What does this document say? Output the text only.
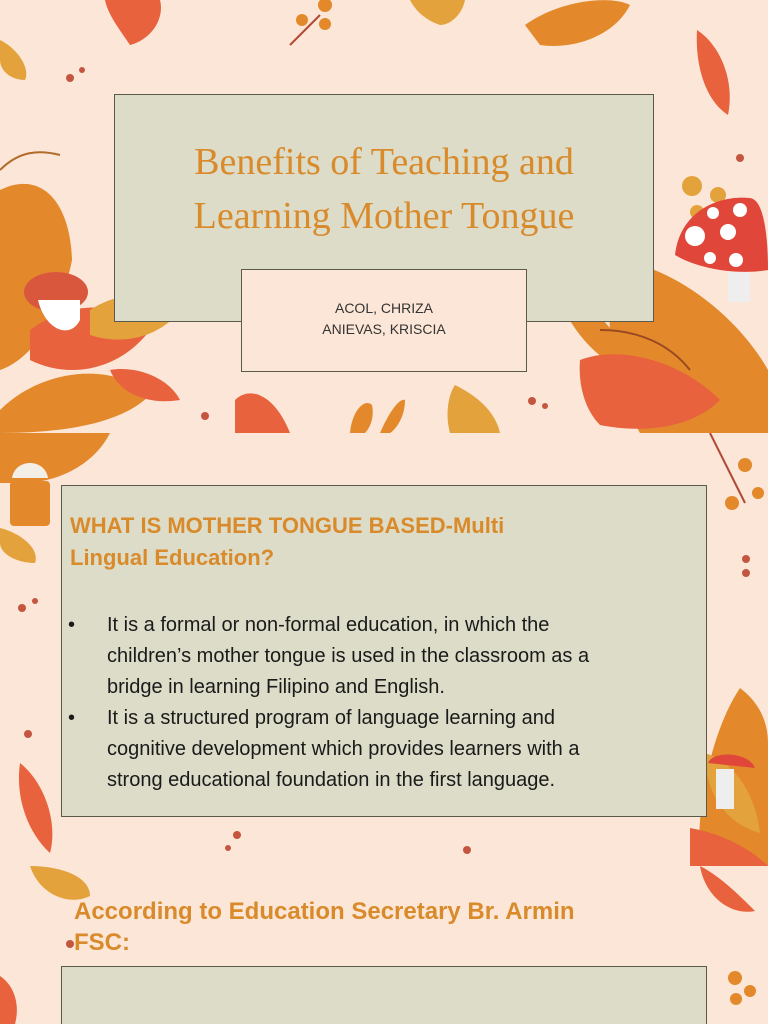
Benefits of Teaching and
Learning Mother Tongue
ACOL, CHRIZA
ANIEVAS, KRISCIA
WHAT IS MOTHER TONGUE BASED-Multi
Lingual Education?
• It is a formal or non-formal education, in which the
children’s mother tongue is used in the classroom as a
bridge in learning Filipino and English.
• It is a structured program of language learning and
cognitive development which provides learners with a
strong educational foundation in the first language.
According to Education Secretary Br. Armin
FSC:
